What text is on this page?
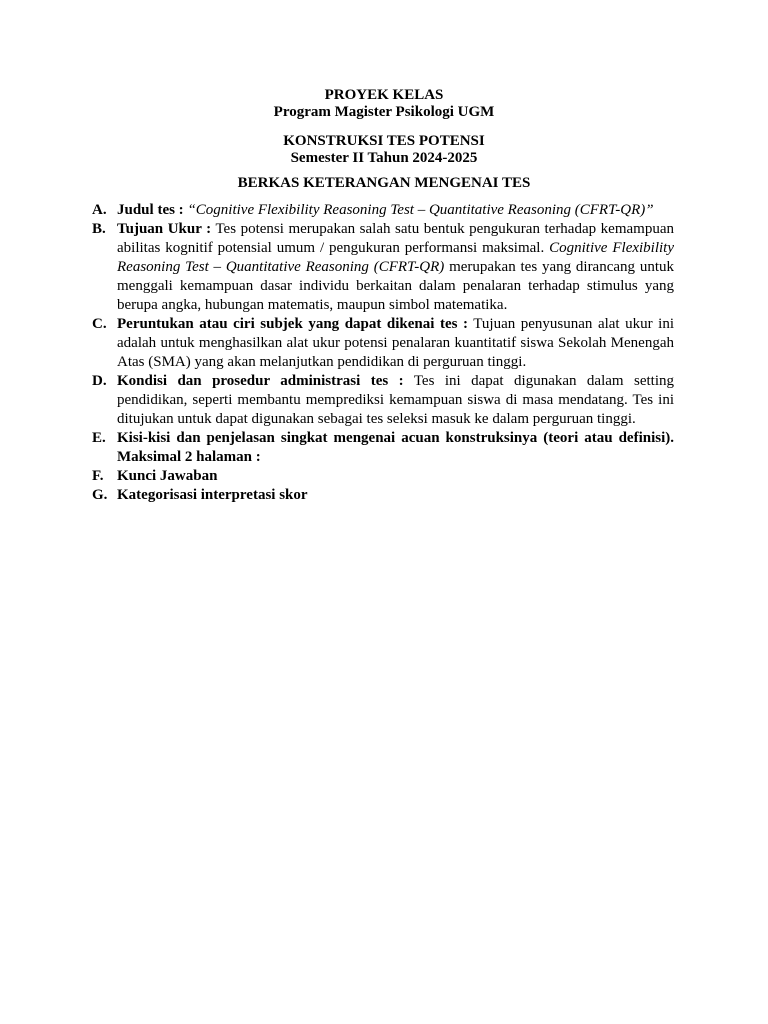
PROYEK KELAS
Program Magister Psikologi UGM
KONSTRUKSI TES POTENSI
Semester II Tahun 2024-2025
BERKAS KETERANGAN MENGENAI TES
A. Judul tes : “Cognitive Flexibility Reasoning Test – Quantitative Reasoning (CFRT-QR)”
B. Tujuan Ukur : Tes potensi merupakan salah satu bentuk pengukuran terhadap kemampuan abilitas kognitif potensial umum / pengukuran performansi maksimal. Cognitive Flexibility Reasoning Test – Quantitative Reasoning (CFRT-QR) merupakan tes yang dirancang untuk menggali kemampuan dasar individu berkaitan dalam penalaran terhadap stimulus yang berupa angka, hubungan matematis, maupun simbol matematika.
C. Peruntukan atau ciri subjek yang dapat dikenai tes : Tujuan penyusunan alat ukur ini adalah untuk menghasilkan alat ukur potensi penalaran kuantitatif siswa Sekolah Menengah Atas (SMA) yang akan melanjutkan pendidikan di perguruan tinggi.
D. Kondisi dan prosedur administrasi tes : Tes ini dapat digunakan dalam setting pendidikan, seperti membantu memprediksi kemampuan siswa di masa mendatang. Tes ini ditujukan untuk dapat digunakan sebagai tes seleksi masuk ke dalam perguruan tinggi.
E. Kisi-kisi dan penjelasan singkat mengenai acuan konstruksinya (teori atau definisi). Maksimal 2 halaman :
F. Kunci Jawaban
G. Kategorisasi interpretasi skor
